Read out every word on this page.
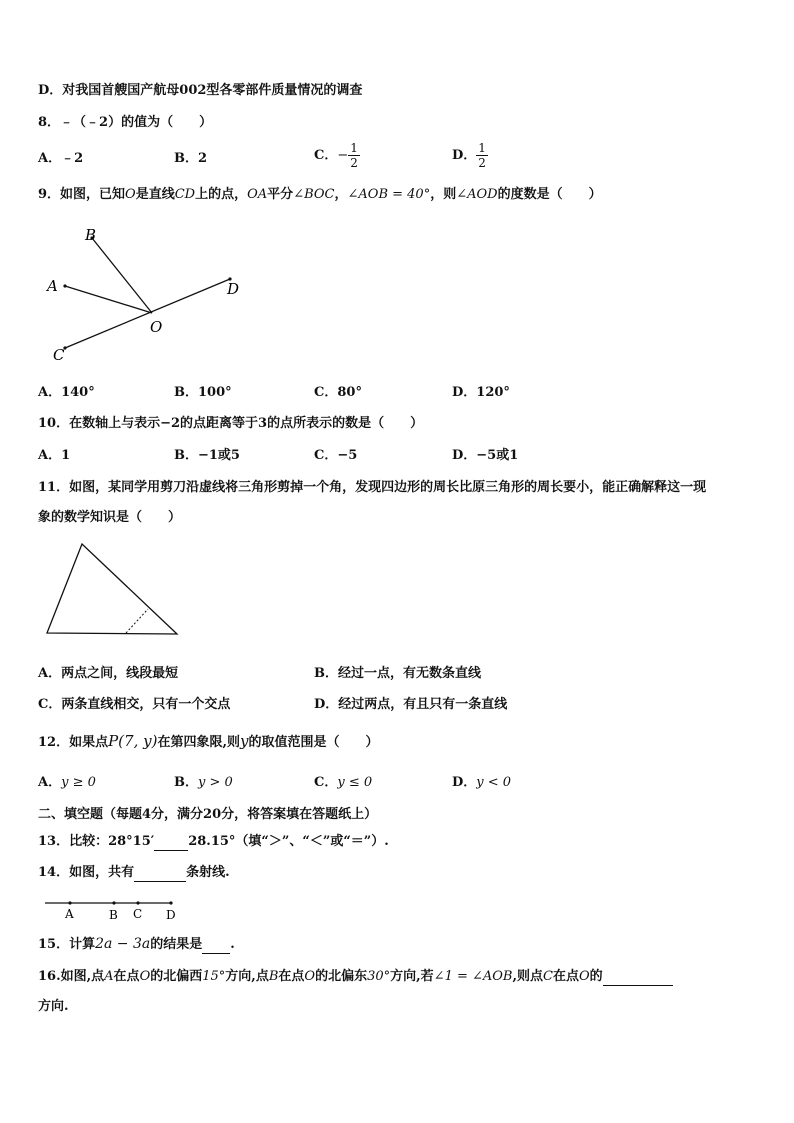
D．对我国首艘国产航母002型各零部件质量情况的调查
8．﹣（﹣2）的值为（　　）
A．﹣2	B．2	C．− $\frac{1}{2}$	D． $\frac{1}{2}$
9．如图，已知O是直线CD上的点，OA平分∠BOC，∠AOB = 40°，则∠AOD的度数是（　　）
B
A
C
D
O
A．140°	B．100°	C．80°	D．120°
10．在数轴上与表示−2的点距离等于3的点所表示的数是（　　）
A．1	B．−1或5	C．−5	D．−5或1
11．如图，某同学用剪刀沿虚线将三角形剪掉一个角，发现四边形的周长比原三角形的周长要小，能正确解释这一现
象的数学知识是（　　）
A．两点之间，线段最短	B．经过一点，有无数条直线
C．两条直线相交，只有一个交点	D．经过两点，有且只有一条直线
12．如果点P(7, y)在第四象限,则y的取值范围是（　　）
A．y ≥ 0	B．y > 0	C．y ≤ 0	D．y < 0
二、填空题（每题4分，满分20分，将答案填在答题纸上）
13．比较：28°15′	28.15°（填“＞”、“＜”或“＝”）.
14．如图，共有	条射线.
A	B C D
15．计算2a − 3a的结果是 .
16.如图,点A在点O的北偏西15°方向,点B在点O的北偏东30°方向,若∠1 = ∠AOB,则点C在点O的
方向.
